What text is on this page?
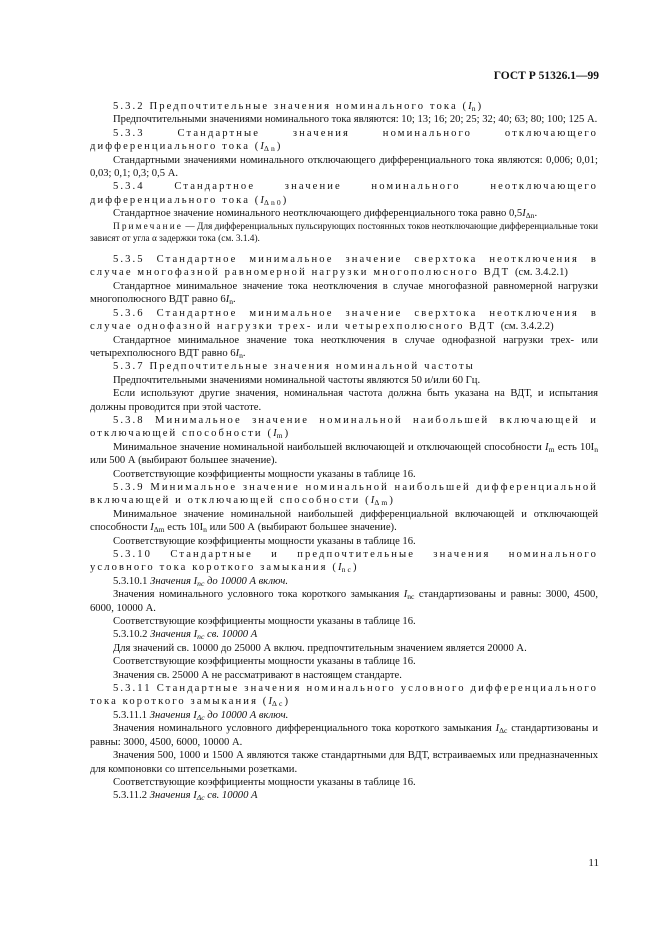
ГОСТ Р 51326.1—99

5.3.2 Предпочтительные значения номинального тока $(I_n)$

Предпочтительными значениями номинального тока являются: 10; 13; 16; 20; 25; 32; 40; 63; 80; 100; 125 А.

5.3.3	Стандартные значения номинального отключающего дифференциального тока $(I_{\Delta n})$

Стандартными значениями номинального отключающего дифференциального тока являются: 0,006; 0,01; 0,03; 0,1; 0,3; 0,5 А.

5.3.4	Стандартное значение номинального неотключающего дифференциального тока $(I_{\Delta n0})$

Стандартное значение номинального неотключающего дифференциального тока равно $0,5I_{\Delta n}$.

Примечание — Для дифференциальных пульсирующих постоянных токов неотключающие дифференциальные токи зависят от угла α задержки тока (см. 3.1.4).

5.3.5 Стандартное минимальное значение сверхтока неотключения в случае многофазной равномерной нагрузки многополюсного ВДТ (см. 3.4.2.1)

Стандартное минимальное значение тока неотключения в случае многофазной равномерной нагрузки многополюсного ВДТ равно $6I_n$.

5.3.6 Стандартное минимальное значение сверхтока неотключения в случае однофазной нагрузки трех- или четырехполюсного ВДТ (см. 3.4.2.2)

Стандартное минимальное значение тока неотключения в случае однофазной нагрузки трех- или четырехполюсного ВДТ равно $6I_n$.

5.3.7 Предпочтительные значения номинальной частоты

Предпочтительными значениями номинальной частоты являются 50 и/или 60 Гц.

Если используют другие значения, номинальная частота должна быть указана на ВДТ, и испытания должны проводится при этой частоте.

5.3.8 Минимальное значение номинальной наибольшей включающей и отключающей способности $(I_m)$

Минимальное значение номинальной наибольшей включающей и отключающей способности $I_m$ есть $10I_n$ или 500 А (выбирают большее значение).

Соответствующие коэффициенты мощности указаны в таблице 16.

5.3.9 Минимальное значение номинальной наибольшей дифференциальной включающей и отключающей способности $(I_{\Delta m})$

Минимальное значение номинальной наибольшей дифференциальной включающей и отключающей способности $I_{\Delta m}$ есть $10I_n$ или 500 А (выбирают большее значение).

Соответствующие коэффициенты мощности указаны в таблице 16.

5.3.10 Стандартные и предпочтительные значения номинального условного тока короткого замыкания $(I_{nc})$

5.3.10.1 Значения $I_{nc}$ до 10000 А включ.

Значения номинального условного тока короткого замыкания $I_{nc}$ стандартизованы и равны: 3000, 4500, 6000, 10000 А.

Соответствующие коэффициенты мощности указаны в таблице 16.

5.3.10.2 Значения $I_{nc}$ св. 10000 А

Для значений св. 10000 до 25000 А включ. предпочтительным значением является 20000 А.

Соответствующие коэффициенты мощности указаны в таблице 16.

Значения св. 25000 А не рассматривают в настоящем стандарте.

5.3.11 Стандартные значения номинального условного дифференциального тока короткого замыкания $(I_{\Delta c})$

5.3.11.1 Значения $I_{\Delta c}$ до 10000 А включ.

Значения номинального условного дифференциального тока короткого замыкания $I_{\Delta c}$ стандартизованы и равны: 3000, 4500, 6000, 10000 А.

Значения 500, 1000 и 1500 А являются также стандартными для ВДТ, встраиваемых или предназначенных для компоновки со штепсельными розетками.

Соответствующие коэффициенты мощности указаны в таблице 16.

5.3.11.2 Значения $I_{\Delta c}$ св. 10000 А

11
